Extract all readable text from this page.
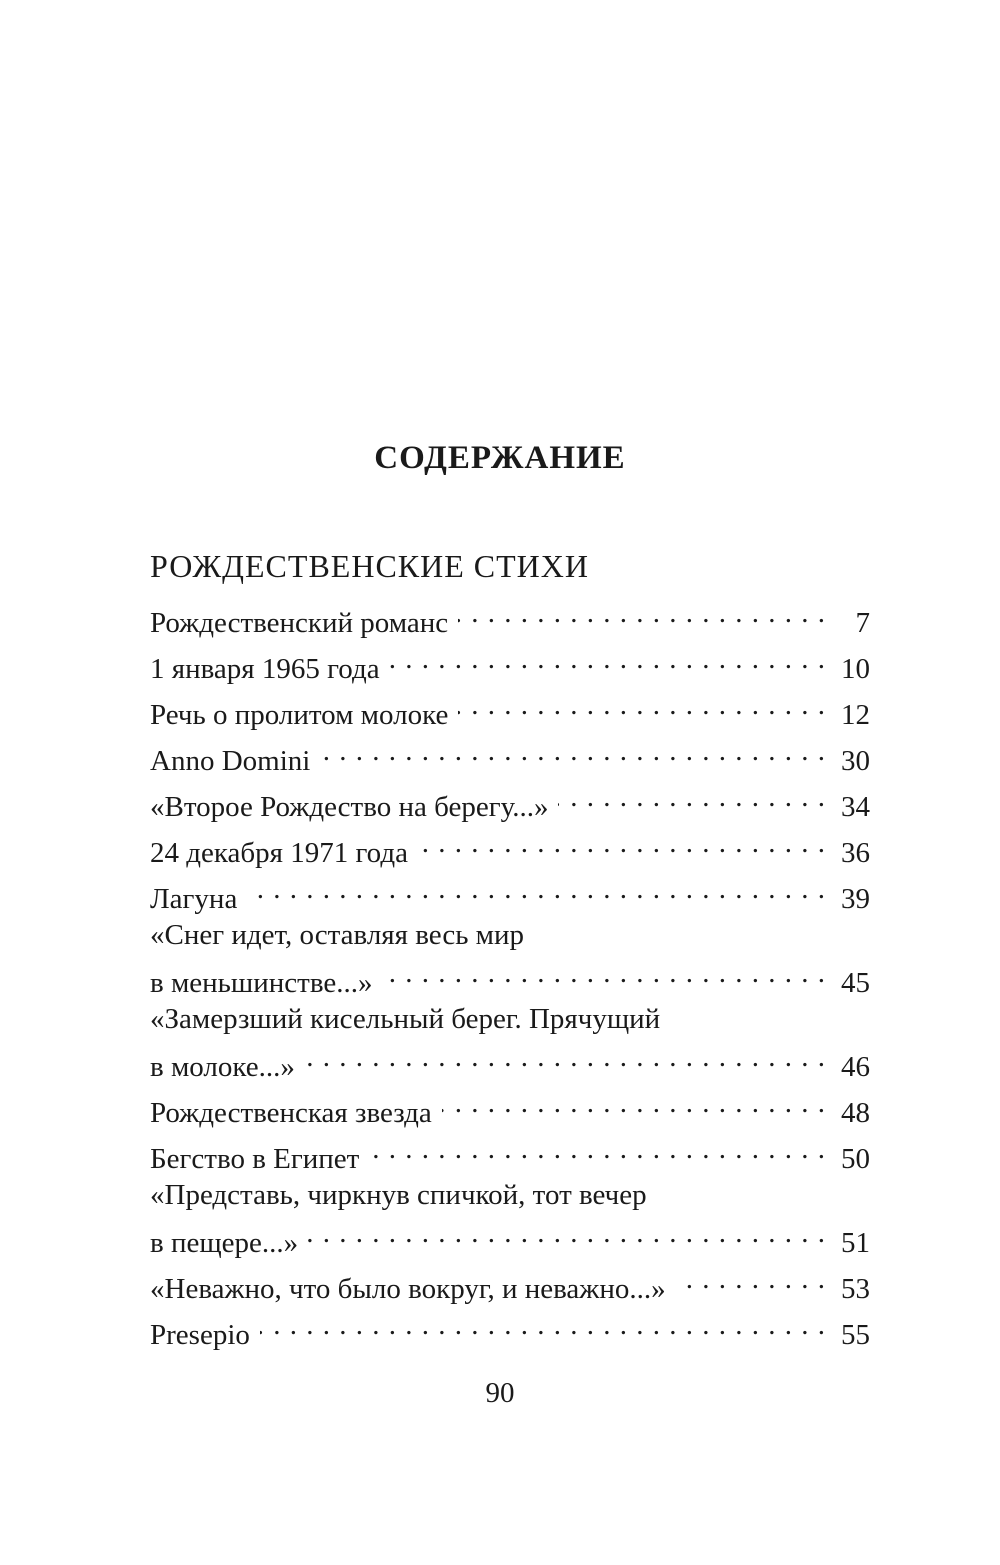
СОДЕРЖАНИЕ
РОЖДЕСТВЕНСКИЕ СТИХИ
Рождественский романс . . .	7
1 января 1965 года . . .	10
Речь о пролитом молоке . . .	12
Anno Domini . . .	30
«Второе Рождество на берегу...» . . .	34
24 декабря 1971 года . . .	36
Лагуна . . .	39
«Снег идет, оставляя весь мир
в меньшинстве...» . . .	45
«Замерзший кисельный берег. Прячущий
в молоке...» . . .	46
Рождественская звезда . . .	48
Бегство в Египет . . .	50
«Представь, чиркнув спичкой, тот вечер
в пещере...» . . .	51
«Неважно, что было вокруг, и неважно...» . . .	53
Presepio . . .	55
90
